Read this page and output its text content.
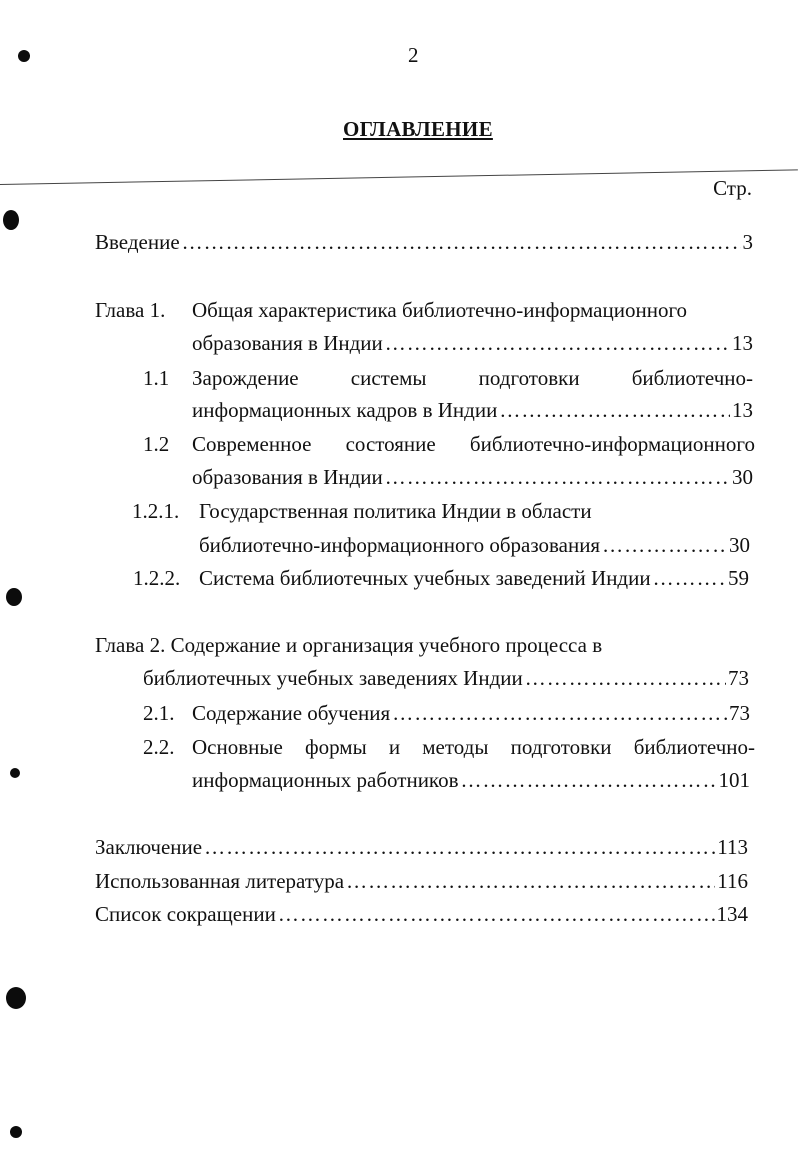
2
ОГЛАВЛЕНИЕ
Стр.
Введение …………………………………………………………………………………………………………………………………………	3
Глава 1. Общая характеристика библиотечно-информационного
образования в Индии …………………………………………………………………………………………………………………………………………	13
1.1 Зарождение системы подготовки библиотечно-
информационных кадров в Индии …………………………………………………………………………………………………………………………………………	13
1.2 Современное состояние библиотечно-информационного
образования в Индии …………………………………………………………………………………………………………………………………………	30
1.2.1. Государственная политика Индии в области
библиотечно-информационного образования …………………………………………………………………………………………………………………………………………	30
1.2.2. Система библиотечных учебных заведений Индии …………………………………………………………………………………………………………………………………………	59
Глава 2. Содержание и организация учебного процесса в
библиотечных учебных заведениях Индии …………………………………………………………………………………………………………………………………………	73
2.1. Содержание обучения …………………………………………………………………………………………………………………………………………	73
2.2. Основные формы и методы подготовки библиотечно-
информационных работников …………………………………………………………………………………………………………………………………………	101
Заключение …………………………………………………………………………………………………………………………………………	113
Использованная литература …………………………………………………………………………………………………………………………………………	116
Список сокращении …………………………………………………………………………………………………………………………………………	134
